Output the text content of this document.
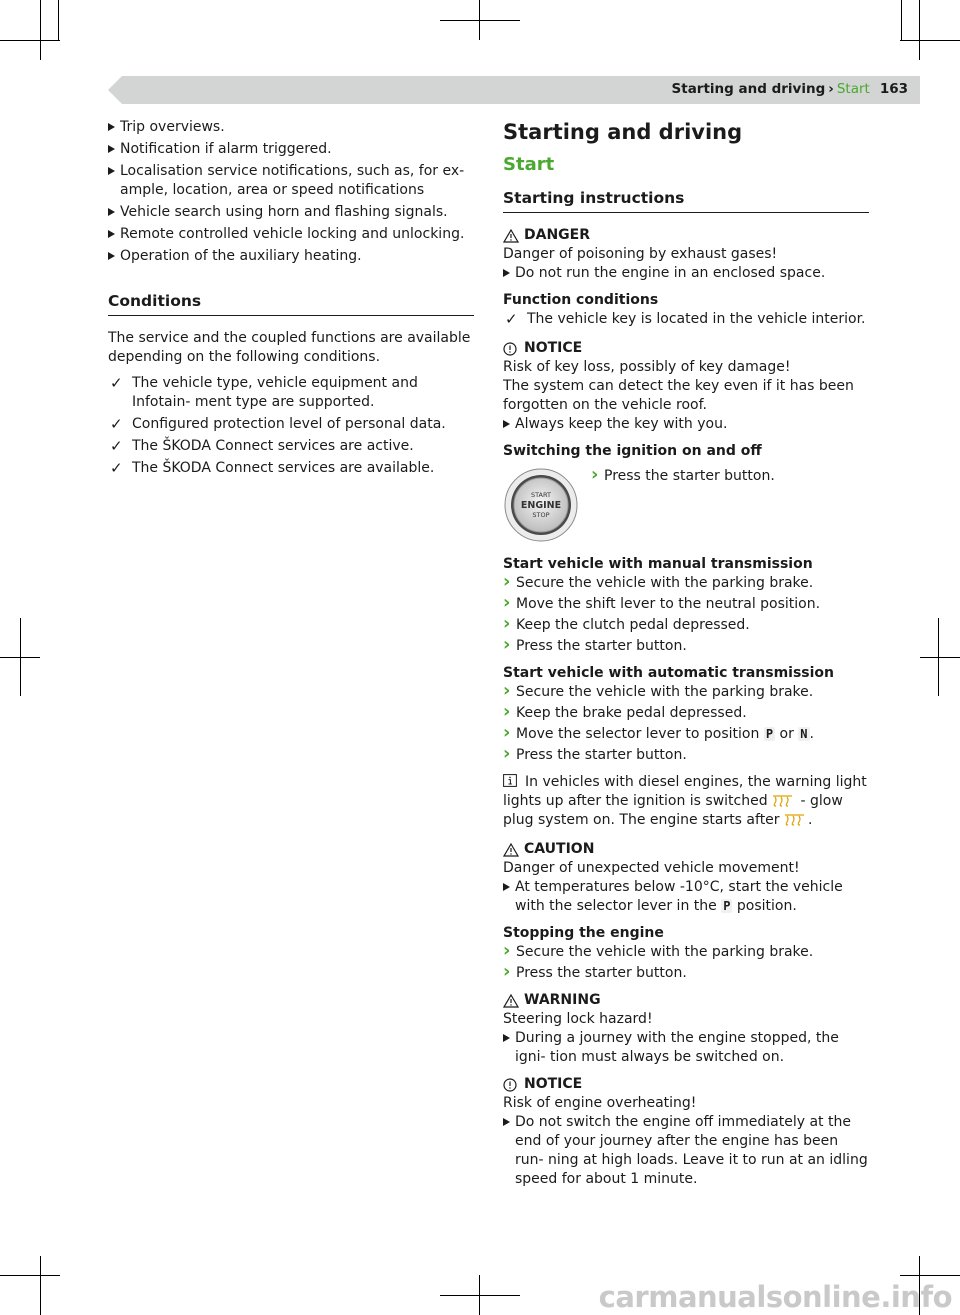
Starting and driving › Start 163
Trip overviews.
Notification if alarm triggered.
Localisation service notifications, such as, for ex- ample, location, area or speed notifications
Vehicle search using horn and flashing signals.
Remote controlled vehicle locking and unlocking.
Operation of the auxiliary heating.
Conditions

The service and the coupled functions are available depending on the following conditions.

✓ The vehicle type, vehicle equipment and Infotain- ment type are supported.
✓ Configured protection level of personal data.
✓ The ŠKODA Connect services are active.
✓ The ŠKODA Connect services are available.
Starting and driving
Start
Starting instructions
DANGER

Danger of poisoning by exhaust gases!

Do not run the engine in an enclosed space.
Function conditions
✓ The vehicle key is located in the vehicle interior.
NOTICE

Risk of key loss, possibly of key damage!

The system can detect the key even if it has been forgotten on the vehicle roof.

Always keep the key with you.
Switching the ignition on and off
START
ENGINE
STOP
› Press the starter button.
Start vehicle with manual transmission
› Secure the vehicle with the parking brake.
› Move the shift lever to the neutral position.
› Keep the clutch pedal depressed.
› Press the starter button.
Start vehicle with automatic transmission
› Secure the vehicle with the parking brake.
› Keep the brake pedal depressed.
› Move the selector lever to position P or N .
› Press the starter button.

In vehicles with diesel engines, the warning light lights up after the ignition is switched - glow plug system on. The engine starts after .

CAUTION

Danger of unexpected vehicle movement!

At temperatures below -10°C, start the vehicle with the selector lever in the P position.
Stopping the engine
› Secure the vehicle with the parking brake.
› Press the starter button.
WARNING

Steering lock hazard!

During a journey with the engine stopped, the igni- tion must always be switched on.
NOTICE

Risk of engine overheating!

Do not switch the engine off immediately at the end of your journey after the engine has been run- ning at high loads. Leave it to run at an idling speed for about 1 minute.
carmanualsonline.info
